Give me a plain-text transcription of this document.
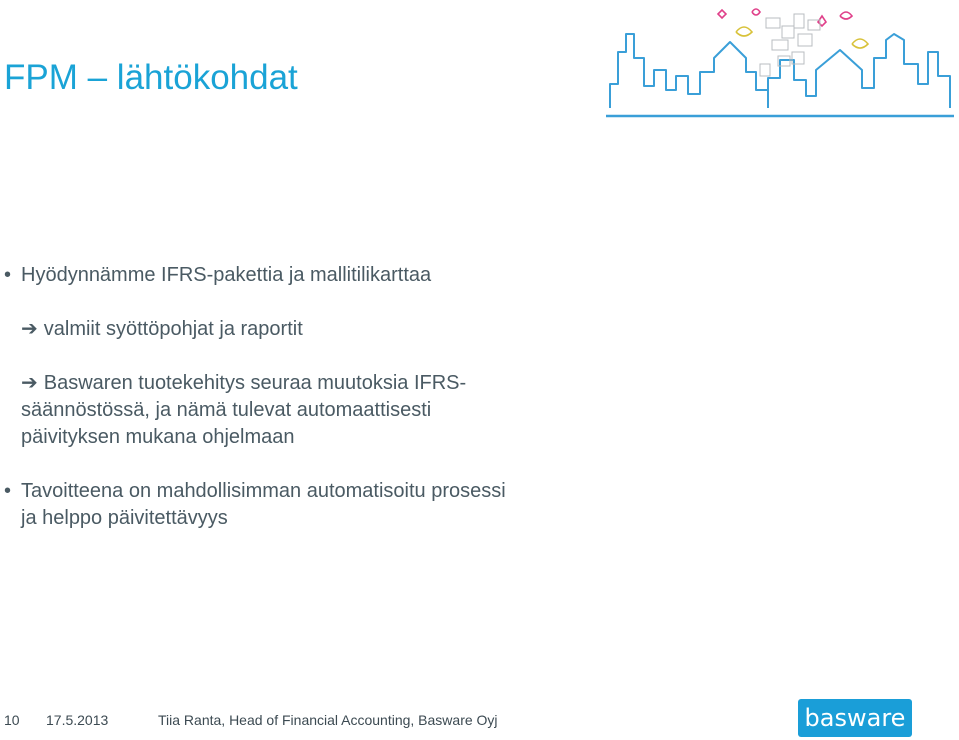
FPM – lähtökohdat
• Hyödynnämme IFRS-pakettia ja mallitilikarttaa
➔ valmiit syöttöpohjat ja raportit
➔ Baswaren tuotekehitys seuraa muutoksia IFRS-
säännöstössä, ja nämä tulevat automaattisesti
päivityksen mukana ohjelmaan
• Tavoitteena on mahdollisimman automatisoitu prosessi
ja helppo päivitettävyys
10 17.5.2013	Tiia Ranta, Head of Financial Accounting, Basware Oyj	basware
